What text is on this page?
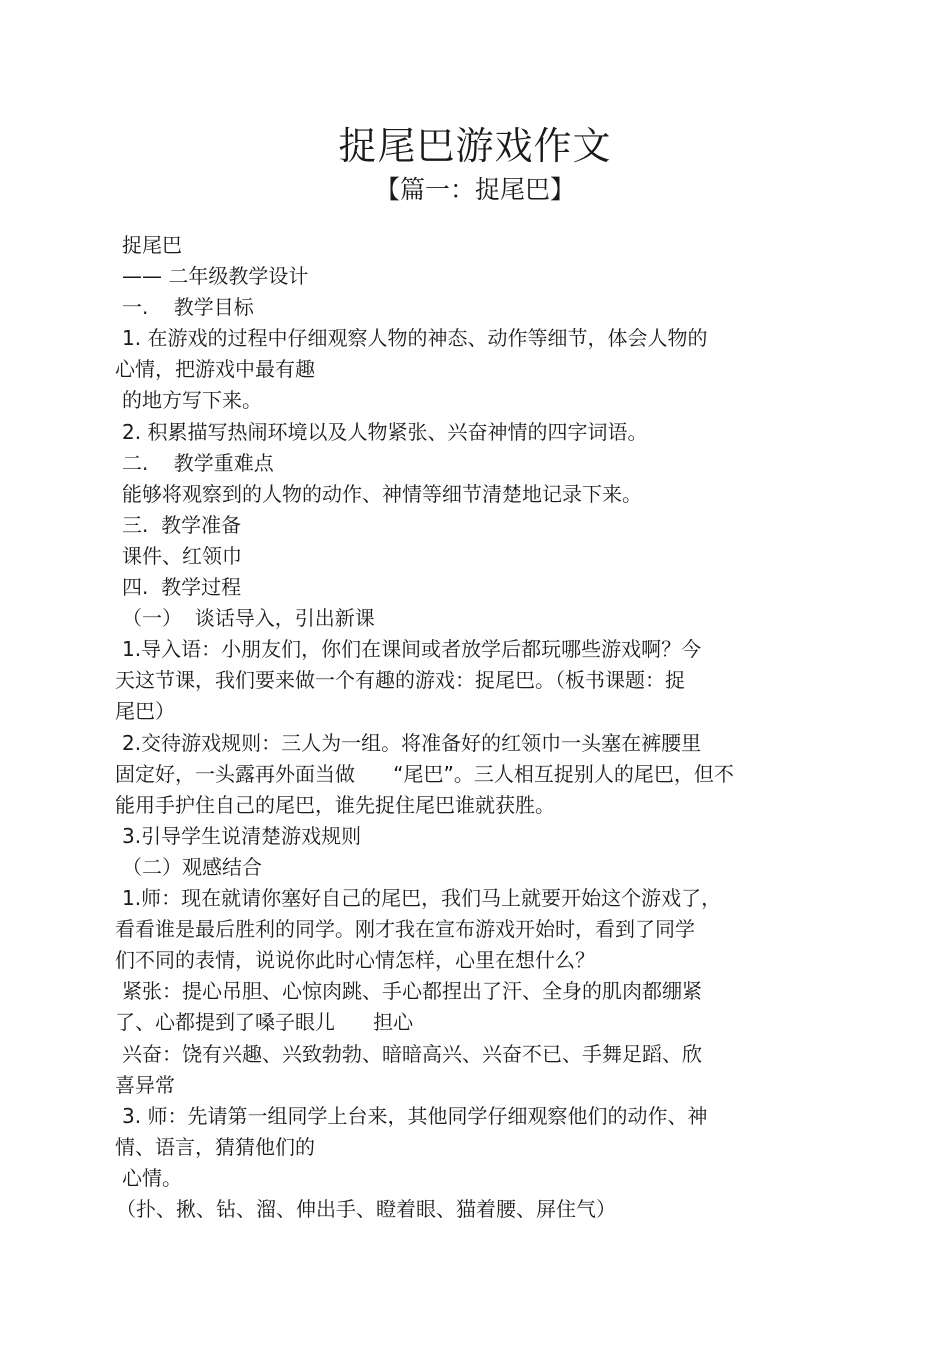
捉尾巴游戏作文
【篇一：捉尾巴】
捉尾巴
—— 二年级教学设计
一.    教学目标
1. 在游戏的过程中仔细观察人物的神态、动作等细节，体会人物的
心情，把游戏中最有趣
的地方写下来。
2. 积累描写热闹环境以及人物紧张、兴奋神情的四字词语。
二.    教学重难点
能够将观察到的人物的动作、神情等细节清楚地记录下来。
三.  教学准备
课件、红领巾
四.  教学过程
（一）  谈话导入，引出新课
1.导入语：小朋友们，你们在课间或者放学后都玩哪些游戏啊？今
天这节课，我们要来做一个有趣的游戏：捉尾巴。（板书课题：捉
尾巴）
2.交待游戏规则：三人为一组。将准备好的红领巾一头塞在裤腰里
固定好，一头露再外面当做      “尾巴”。三人相互捉别人的尾巴，但不
能用手护住自己的尾巴，谁先捉住尾巴谁就获胜。
3.引导学生说清楚游戏规则
（二）观感结合
1.师：现在就请你塞好自己的尾巴，我们马上就要开始这个游戏了，
看看谁是最后胜利的同学。刚才我在宣布游戏开始时，看到了同学
们不同的表情，说说你此时心情怎样，心里在想什么？
紧张：提心吊胆、心惊肉跳、手心都捏出了汗、全身的肌肉都绷紧
了、心都提到了嗓子眼儿      担心
兴奋：饶有兴趣、兴致勃勃、暗暗高兴、兴奋不已、手舞足蹈、欣
喜异常
3. 师：先请第一组同学上台来，其他同学仔细观察他们的动作、神
情、语言，猜猜他们的
心情。
（扑、揪、钻、溜、伸出手、瞪着眼、猫着腰、屏住气）
